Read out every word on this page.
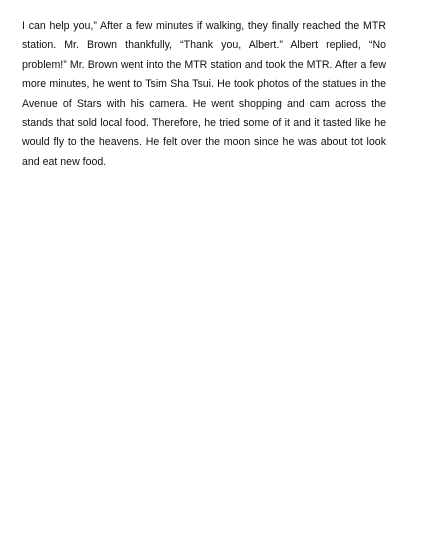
I can help you,” After a few minutes if walking, they finally reached the MTR station. Mr. Brown thankfully, “Thank you, Albert.” Albert replied, “No problem!” Mr. Brown went into the MTR station and took the MTR. After a few more minutes, he went to Tsim Sha Tsui. He took photos of the statues in the Avenue of Stars with his camera. He went shopping and cam across the stands that sold local food. Therefore, he tried some of it and it tasted like he would fly to the heavens. He felt over the moon since he was about tot look and eat new food.
